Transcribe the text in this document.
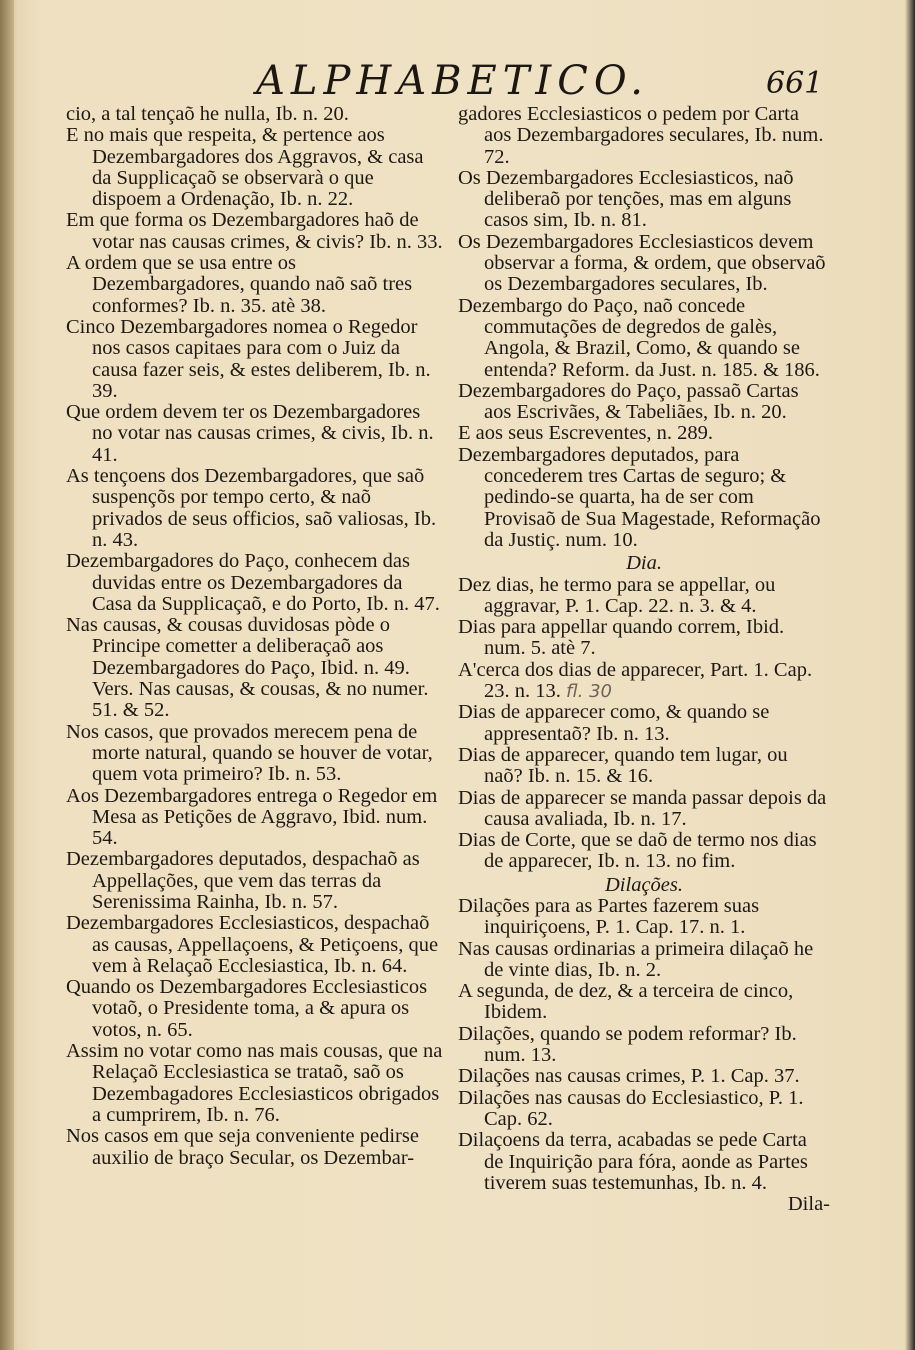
ALPHABETICO.	661

cio, a tal tençaõ he nulla, Ib. n. 20.

E no mais que respeita, & pertence aos Dezembargadores dos Aggravos, & casa da Supplicaçaõ se observarà o que dispoem a Ordenação, Ib. n. 22.

Em que forma os Dezembargadores haõ de votar nas causas crimes, & civis? Ib. n. 33.

A ordem que se usa entre os Dezembargadores, quando naõ saõ tres conformes? Ib. n. 35. atè 38.

Cinco Dezembargadores nomea o Regedor nos casos capitaes para com o Juiz da causa fazer seis, & estes deliberem, Ib. n. 39.

Que ordem devem ter os Dezembargadores no votar nas causas crimes, & civis, Ib. n. 41.

As tençoens dos Dezembargadores, que saõ suspençõs por tempo certo, & naõ privados de seus officios, saõ valiosas, Ib. n. 43.

Dezembargadores do Paço, conhecem das duvidas entre os Dezembargadores da Casa da Supplicaçaõ, e do Porto, Ib. n. 47.

Nas causas, & cousas duvidosas pòde o Principe cometter a deliberaçaõ aos Dezembargadores do Paço, Ibid. n. 49. Vers. Nas causas, & cousas, & no numer. 51. & 52.

Nos casos, que provados merecem pena de morte natural, quando se houver de votar, quem vota primeiro? Ib. n. 53.

Aos Dezembargadores entrega o Regedor em Mesa as Petições de Aggravo, Ibid. num. 54.

Dezembargadores deputados, despachaõ as Appellações, que vem das terras da Serenissima Rainha, Ib. n. 57.

Dezembargadores Ecclesiasticos, despachaõ as causas, Appellaçoens, & Petiçoens, que vem à Relaçaõ Ecclesiastica, Ib. n. 64.

Quando os Dezembargadores Ecclesiasticos votaõ, o Presidente toma, a & apura os votos, n. 65.

Assim no votar como nas mais cousas, que na Relaçaõ Ecclesiastica se trataõ, saõ os Dezembagadores Ecclesiasticos obrigados a cumprirem, Ib. n. 76.

Nos casos em que seja conveniente pedirse auxilio de braço Secular, os Dezembar-

gadores Ecclesiasticos o pedem por Carta aos Dezembargadores seculares, Ib. num. 72.

Os Dezembargadores Ecclesiasticos, naõ deliberaõ por tenções, mas em alguns casos sim, Ib. n. 81.

Os Dezembargadores Ecclesiasticos devem observar a forma, & ordem, que observaõ os Dezembargadores seculares, Ib.

Dezembargo do Paço, naõ concede commutações de degredos de galès, Angola, & Brazil, Como, & quando se entenda? Reform. da Just. n. 185. & 186.

Dezembargadores do Paço, passaõ Cartas aos Escrivães, & Tabeliães, Ib. n. 20.

E aos seus Escreventes, n. 289.

Dezembargadores deputados, para concederem tres Cartas de seguro; & pedindo-se quarta, ha de ser com Provisaõ de Sua Magestade, Reformação da Justiç. num. 10.

Dia.

Dez dias, he termo para se appellar, ou aggravar, P. 1. Cap. 22. n. 3. & 4.

Dias para appellar quando correm, Ibid. num. 5. atè 7.

A'cerca dos dias de apparecer, Part. 1. Cap. 23. n. 13. fl. 30

Dias de apparecer como, & quando se appresentaõ? Ib. n. 13.

Dias de apparecer, quando tem lugar, ou naõ? Ib. n. 15. & 16.

Dias de apparecer se manda passar depois da causa avaliada, Ib. n. 17.

Dias de Corte, que se daõ de termo nos dias de apparecer, Ib. n. 13. no fim.

Dilações.

Dilações para as Partes fazerem suas inquiriçoens, P. 1. Cap. 17. n. 1.

Nas causas ordinarias a primeira dilaçaõ he de vinte dias, Ib. n. 2.

A segunda, de dez, & a terceira de cinco, Ibidem.

Dilações, quando se podem reformar? Ib. num. 13.

Dilações nas causas crimes, P. 1. Cap. 37.

Dilações nas causas do Ecclesiastico, P. 1. Cap. 62.

Dilaçoens da terra, acabadas se pede Carta de Inquirição para fóra, aonde as Partes tiverem suas testemunhas, Ib. n. 4.

Dila-
